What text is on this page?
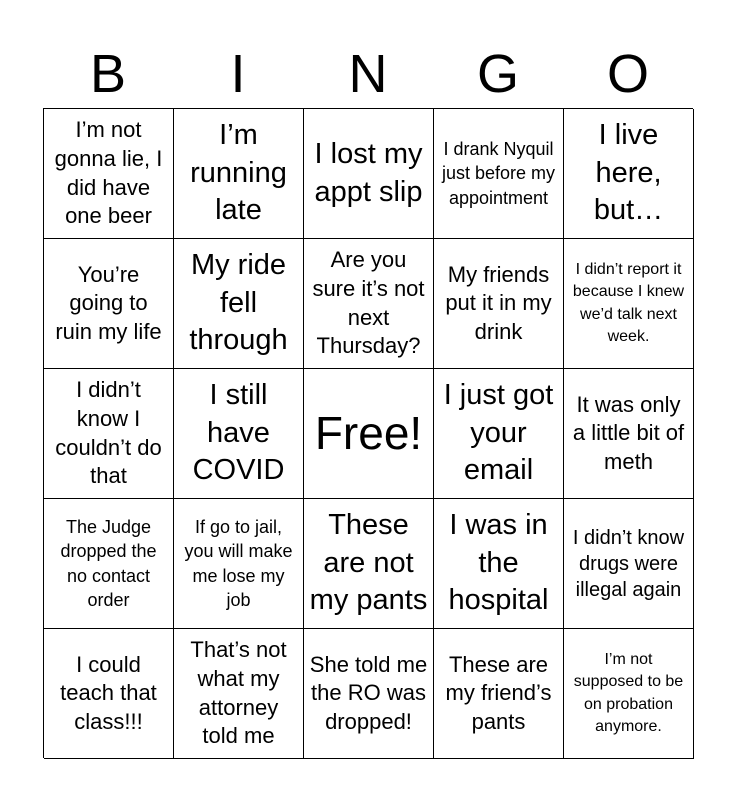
B	I	N	G	O
I’m not gonna lie, I did have one beer
I’m running late
I lost my appt slip
I drank Nyquil just before my appointment
I live here, but…
You’re going to ruin my life
My ride fell through
Are you sure it’s not next Thursday?
My friends put it in my drink
I didn’t report it because I knew we’d talk next week.
I didn’t know I couldn’t do that
I still have COVID
Free!
I just got your email
It was only a little bit of meth
The Judge dropped the no contact order
If go to jail, you will make me lose my job
These are not my pants
I was in the hospital
I didn’t know drugs were illegal again
I could teach that class!!!
That’s not what my attorney told me
She told me the RO was dropped!
These are my friend’s pants
I’m not supposed to be on probation anymore.
